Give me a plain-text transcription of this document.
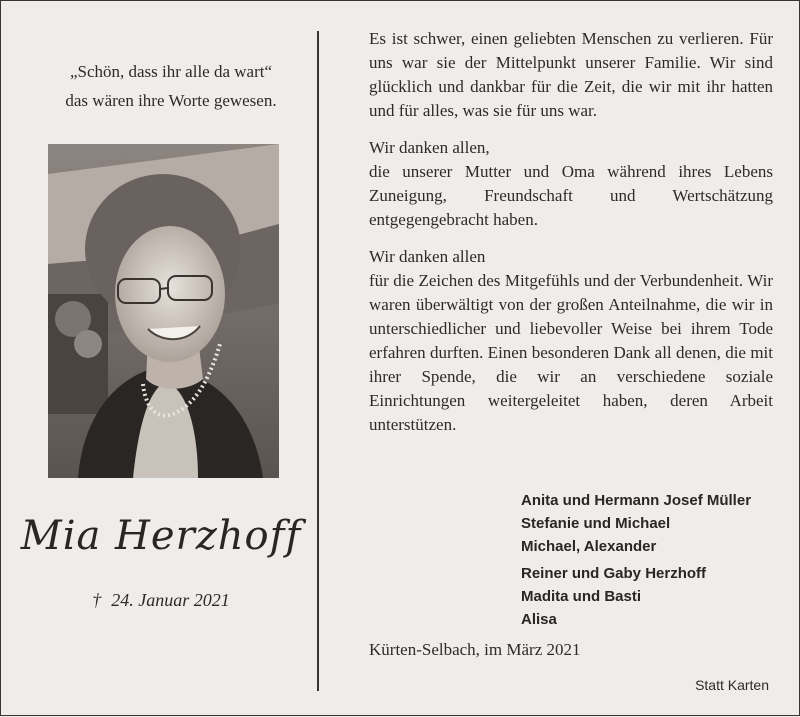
„Schön, dass ihr alle da wart“
das wären ihre Worte gewesen.
Mia Herzhoff
† 24. Januar 2021

Es ist schwer, einen geliebten Menschen zu verlieren. Für uns war sie der Mittelpunkt unserer Familie. Wir sind glücklich und dankbar für die Zeit, die wir mit ihr hatten und für alles, was sie für uns war.

Wir danken allen,
die unserer Mutter und Oma während ihres Lebens Zuneigung, Freundschaft und Wertschätzung entgegengebracht haben.

Wir danken allen
für die Zeichen des Mitgefühls und der Verbundenheit. Wir waren überwältigt von der großen Anteilnahme, die wir in unterschiedlicher und liebevoller Weise bei ihrem Tode erfahren durften. Einen besonderen Dank all denen, die mit ihrer Spende, die wir an verschiedene soziale Einrichtungen weitergeleitet haben, deren Arbeit unterstützen.

Anita und Hermann Josef Müller
Stefanie und Michael
Michael, Alexander
Reiner und Gaby Herzhoff
Madita und Basti
Alisa
Kürten-Selbach, im März 2021
Statt Karten
